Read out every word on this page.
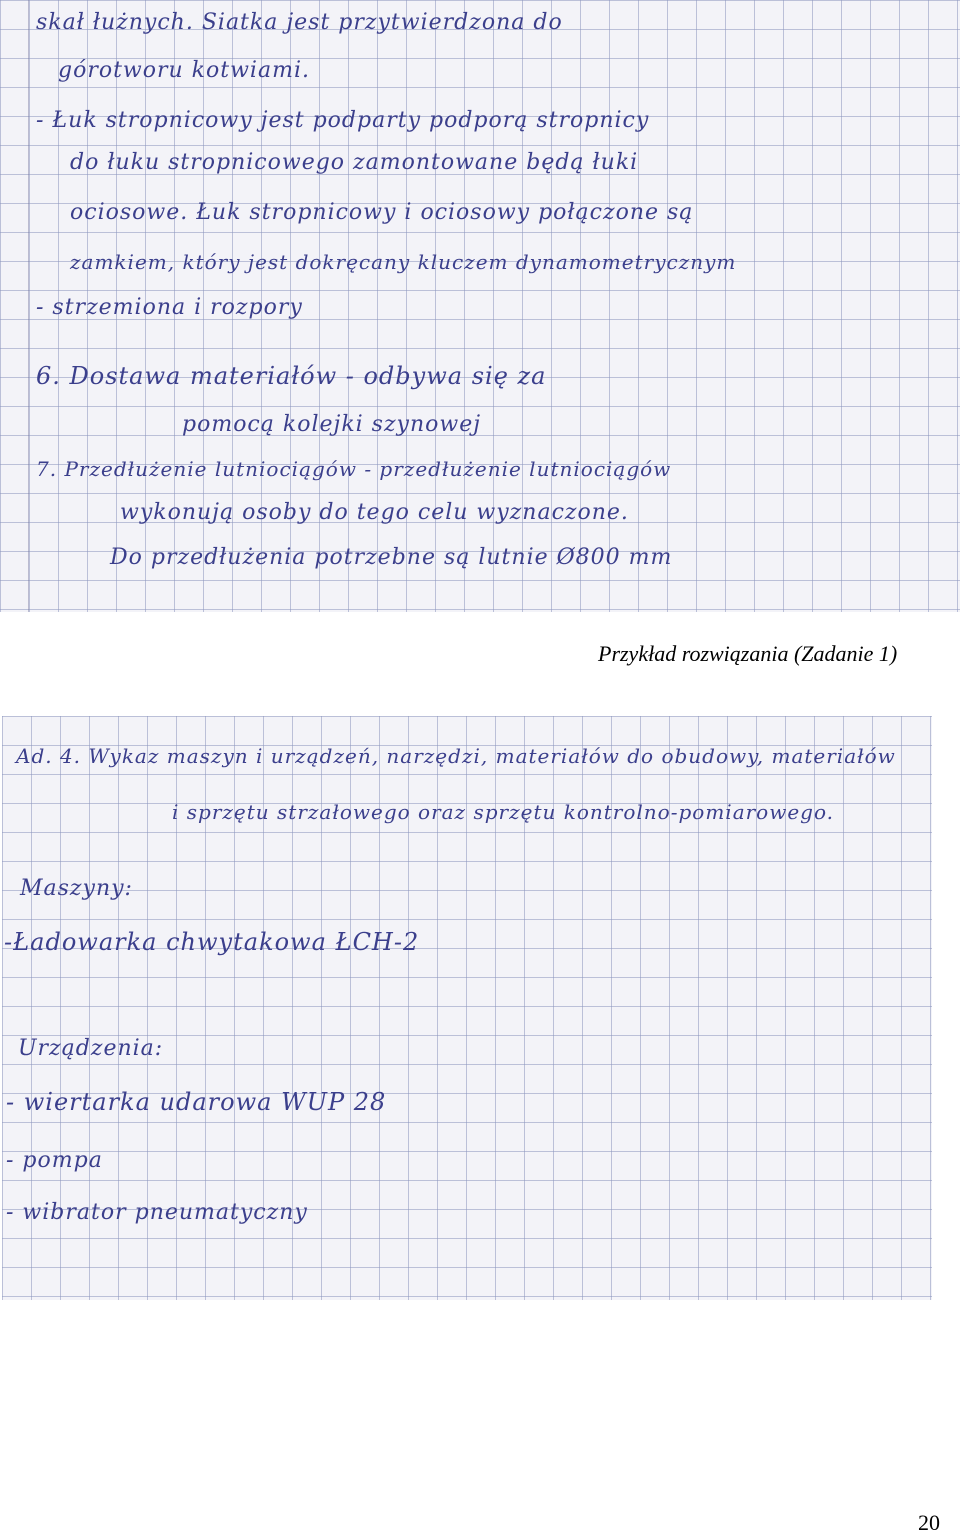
skał łużnych. Siatka jest przytwierdzona do

górotworu kotwiami.

- Łuk stropnicowy jest podparty podporą stropnicy

do łuku stropnicowego zamontowane będą łuki

ociosowe. Łuk stropnicowy i ociosowy połączone są

zamkiem, który jest dokręcany kluczem dynamometrycznym

- strzemiona i rozpory

6. Dostawa materiałów - odbywa się za

pomocą kolejki szynowej

7. Przedłużenie lutniociągów - przedłużenie lutniociągów

wykonują osoby do tego celu wyznaczone.

Do przedłużenia potrzebne są lutnie Ø800 mm

Przykład rozwiązania (Zadanie 1)

Ad. 4. Wykaz maszyn i urządzeń, narzędzi, materiałów do obudowy, materiałów

i sprzętu strzałowego oraz sprzętu kontrolno-pomiarowego.

Maszyny:

-Ładowarka chwytakowa ŁCH-2

Urządzenia:

- wiertarka udarowa WUP 28

- pompa

- wibrator pneumatyczny

20
